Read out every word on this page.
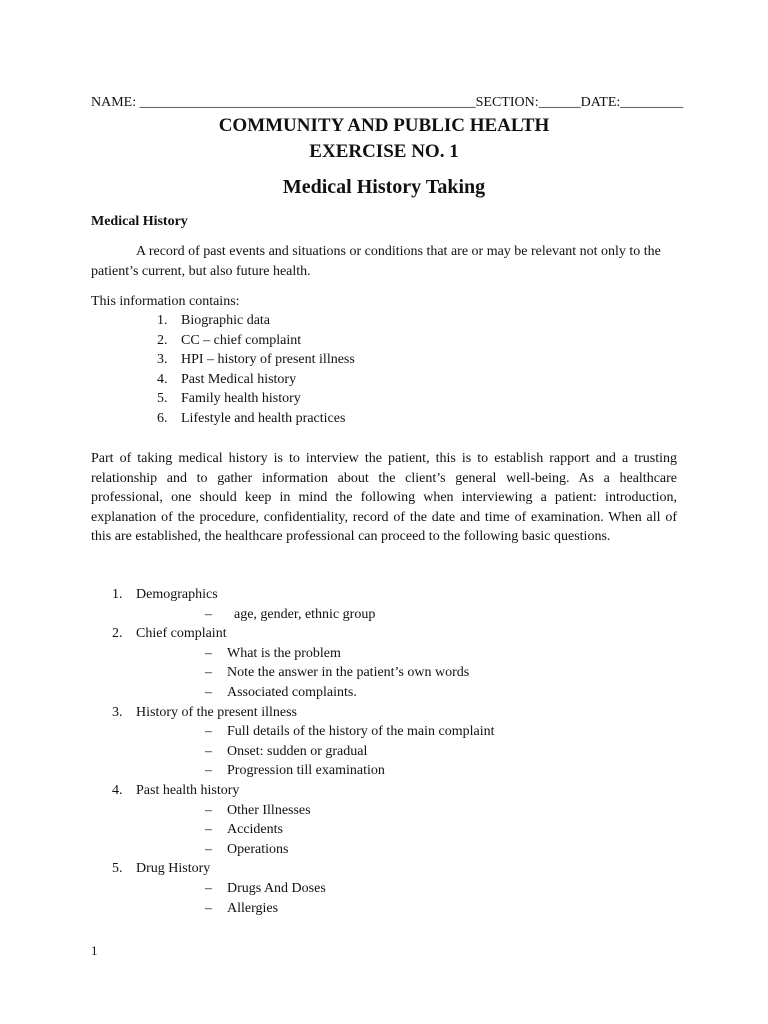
NAME: ________________________________________________SECTION:______DATE:_________

COMMUNITY AND PUBLIC HEALTH

EXERCISE NO. 1

Medical History Taking

Medical History

A record of past events and situations or conditions that are or may be relevant not only to the patient’s current, but also future health.

This information contains:

1. Biographic data
2. CC – chief complaint
3. HPI – history of present illness
4. Past Medical history
5. Family health history
6. Lifestyle and health practices

Part of taking medical history is to interview the patient, this is to establish rapport and a trusting relationship and to gather information about the client’s general well-being. As a healthcare professional, one should keep in mind the following when interviewing a patient: introduction, explanation of the procedure, confidentiality, record of the date and time of examination. When all of this are established, the healthcare professional can proceed to the following basic questions.

1. Demographics
– age, gender, ethnic group
2. Chief complaint
– What is the problem
– Note the answer in the patient’s own words
– Associated complaints.
3. History of the present illness
– Full details of the history of the main complaint
– Onset: sudden or gradual
– Progression till examination
4. Past health history
– Other Illnesses
– Accidents
– Operations
5. Drug History
– Drugs And Doses
– Allergies

1
